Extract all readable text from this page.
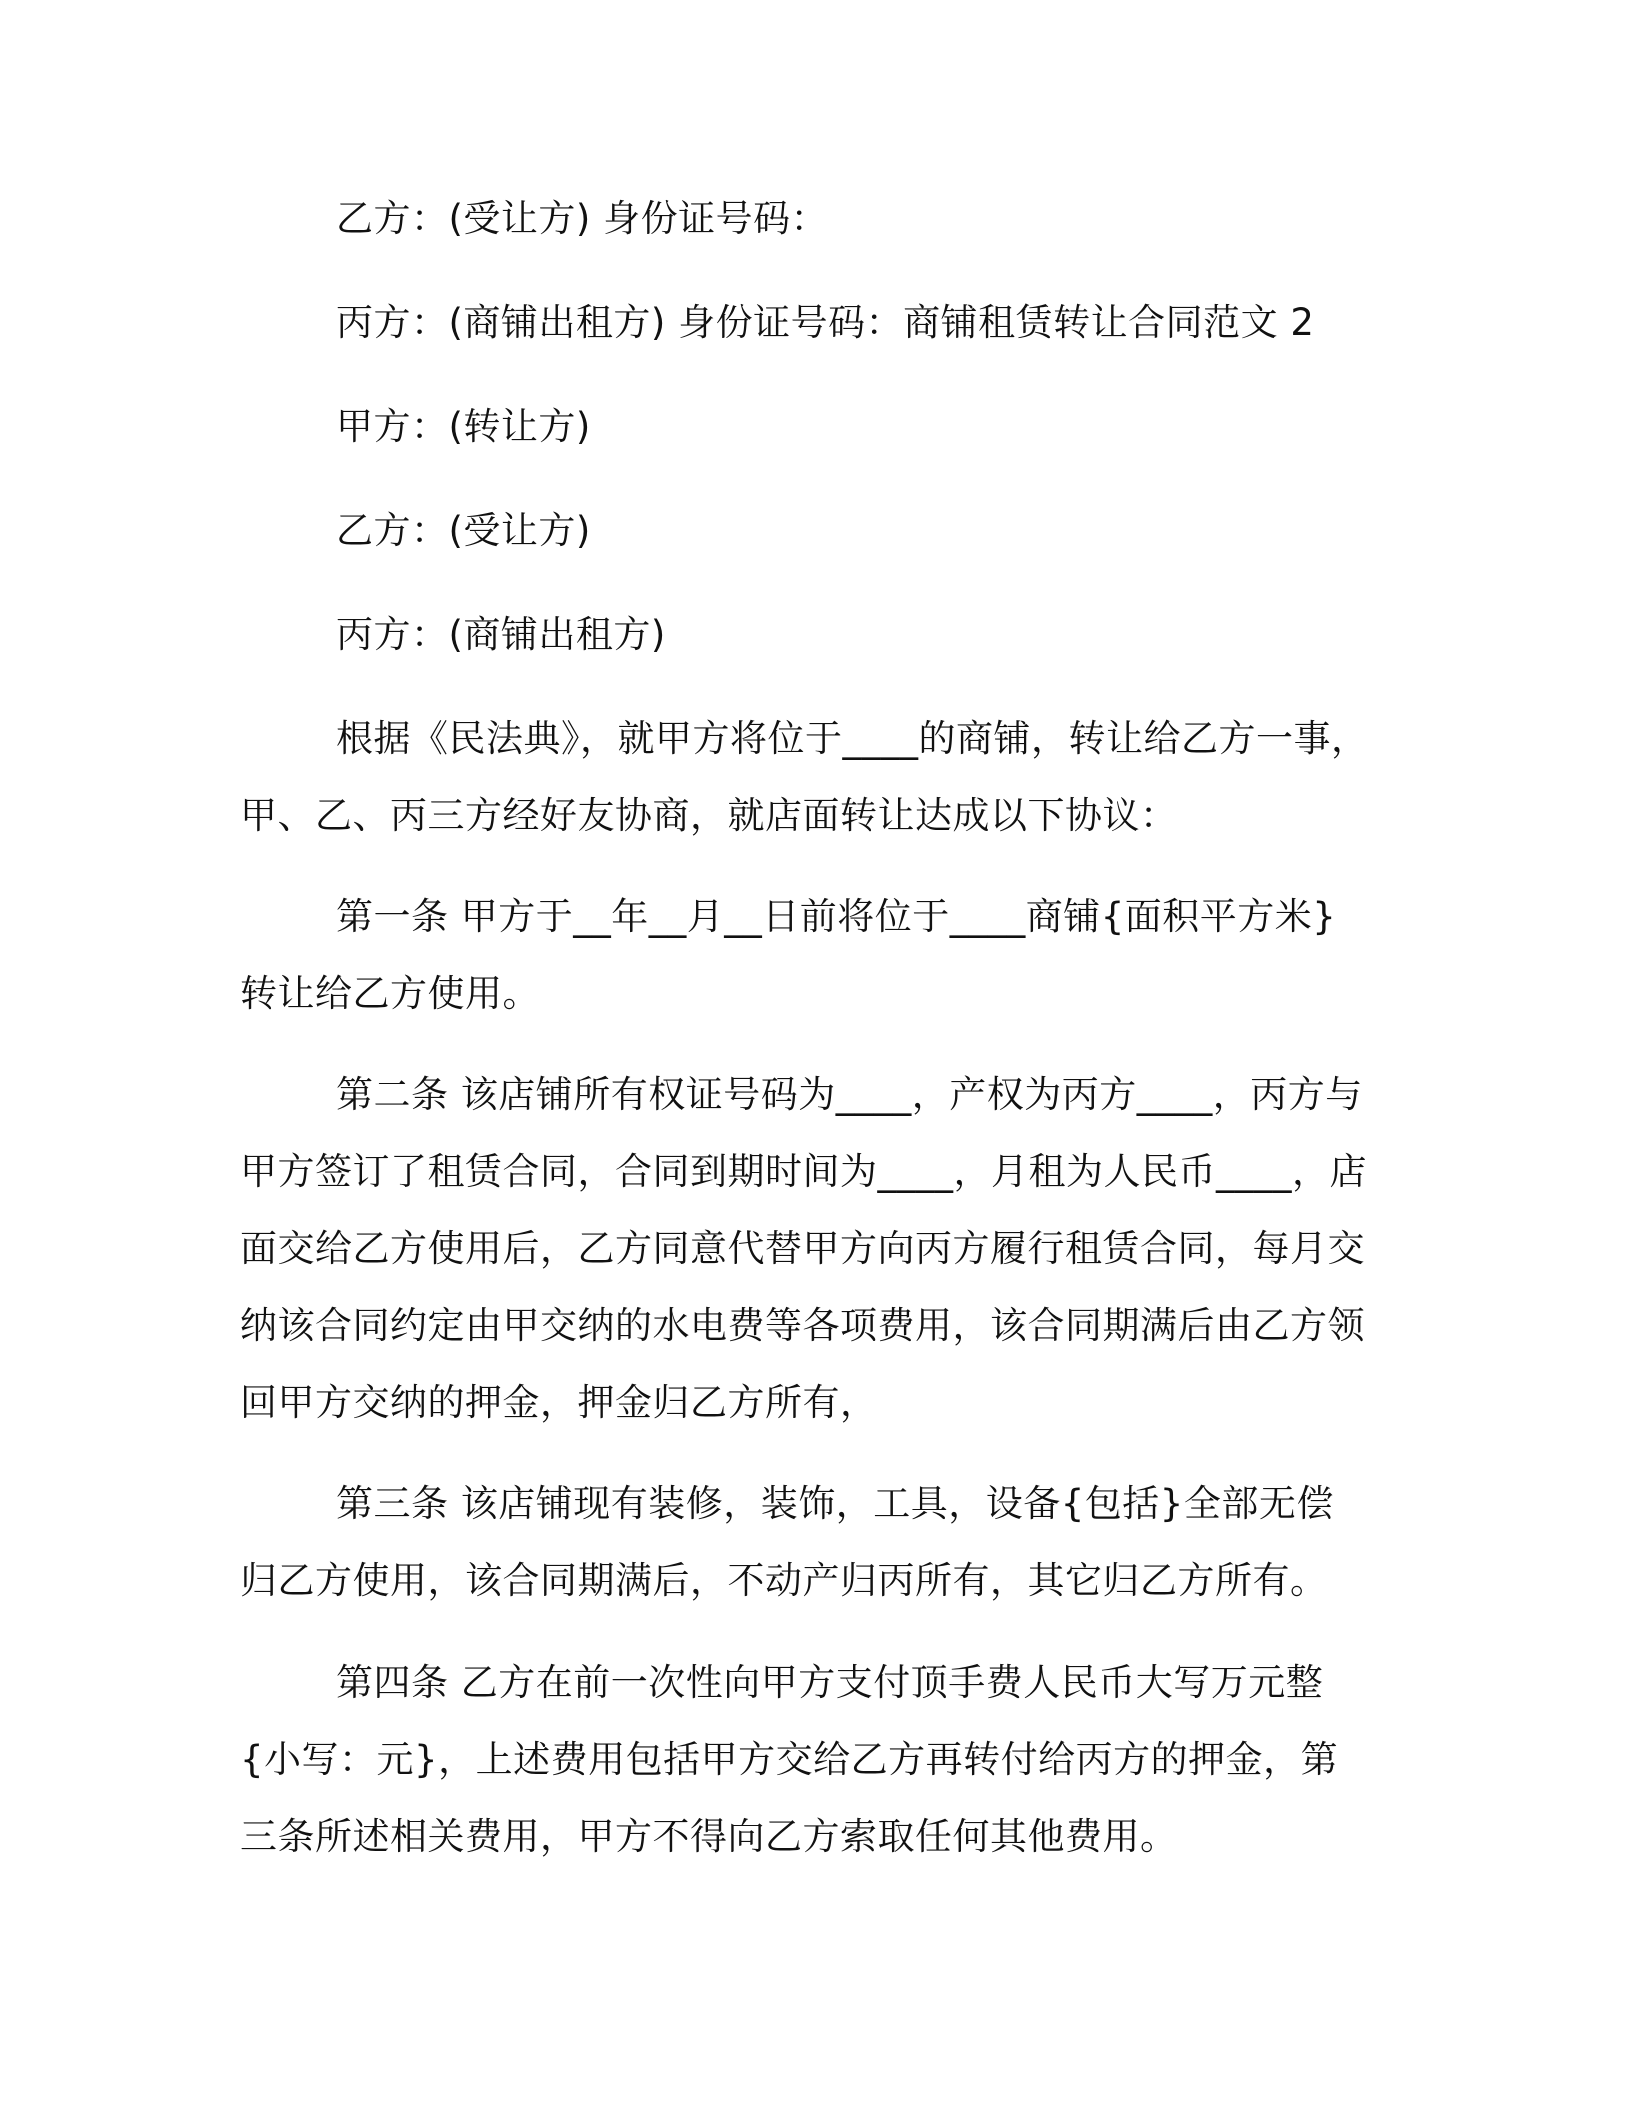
乙方：(受让方) 身份证号码：

丙方：(商铺出租方) 身份证号码：商铺租赁转让合同范文 2

甲方：(转让方)

乙方：(受让方)

丙方：(商铺出租方)

根据《民法典》，就甲方将位于____的商铺，转让给乙方一事，甲、乙、丙三方经好友协商，就店面转让达成以下协议：

第一条 甲方于__年__月__日前将位于____商铺{面积平方米}转让给乙方使用。

第二条 该店铺所有权证号码为____，产权为丙方____，丙方与甲方签订了租赁合同，合同到期时间为____，月租为人民币____，店面交给乙方使用后，乙方同意代替甲方向丙方履行租赁合同，每月交纳该合同约定由甲交纳的水电费等各项费用，该合同期满后由乙方领回甲方交纳的押金，押金归乙方所有，

第三条 该店铺现有装修，装饰，工具，设备{包括}全部无偿归乙方使用，该合同期满后，不动产归丙所有，其它归乙方所有。

第四条 乙方在前一次性向甲方支付顶手费人民币大写万元整{小写：元}，上述费用包括甲方交给乙方再转付给丙方的押金，第三条所述相关费用，甲方不得向乙方索取任何其他费用。
